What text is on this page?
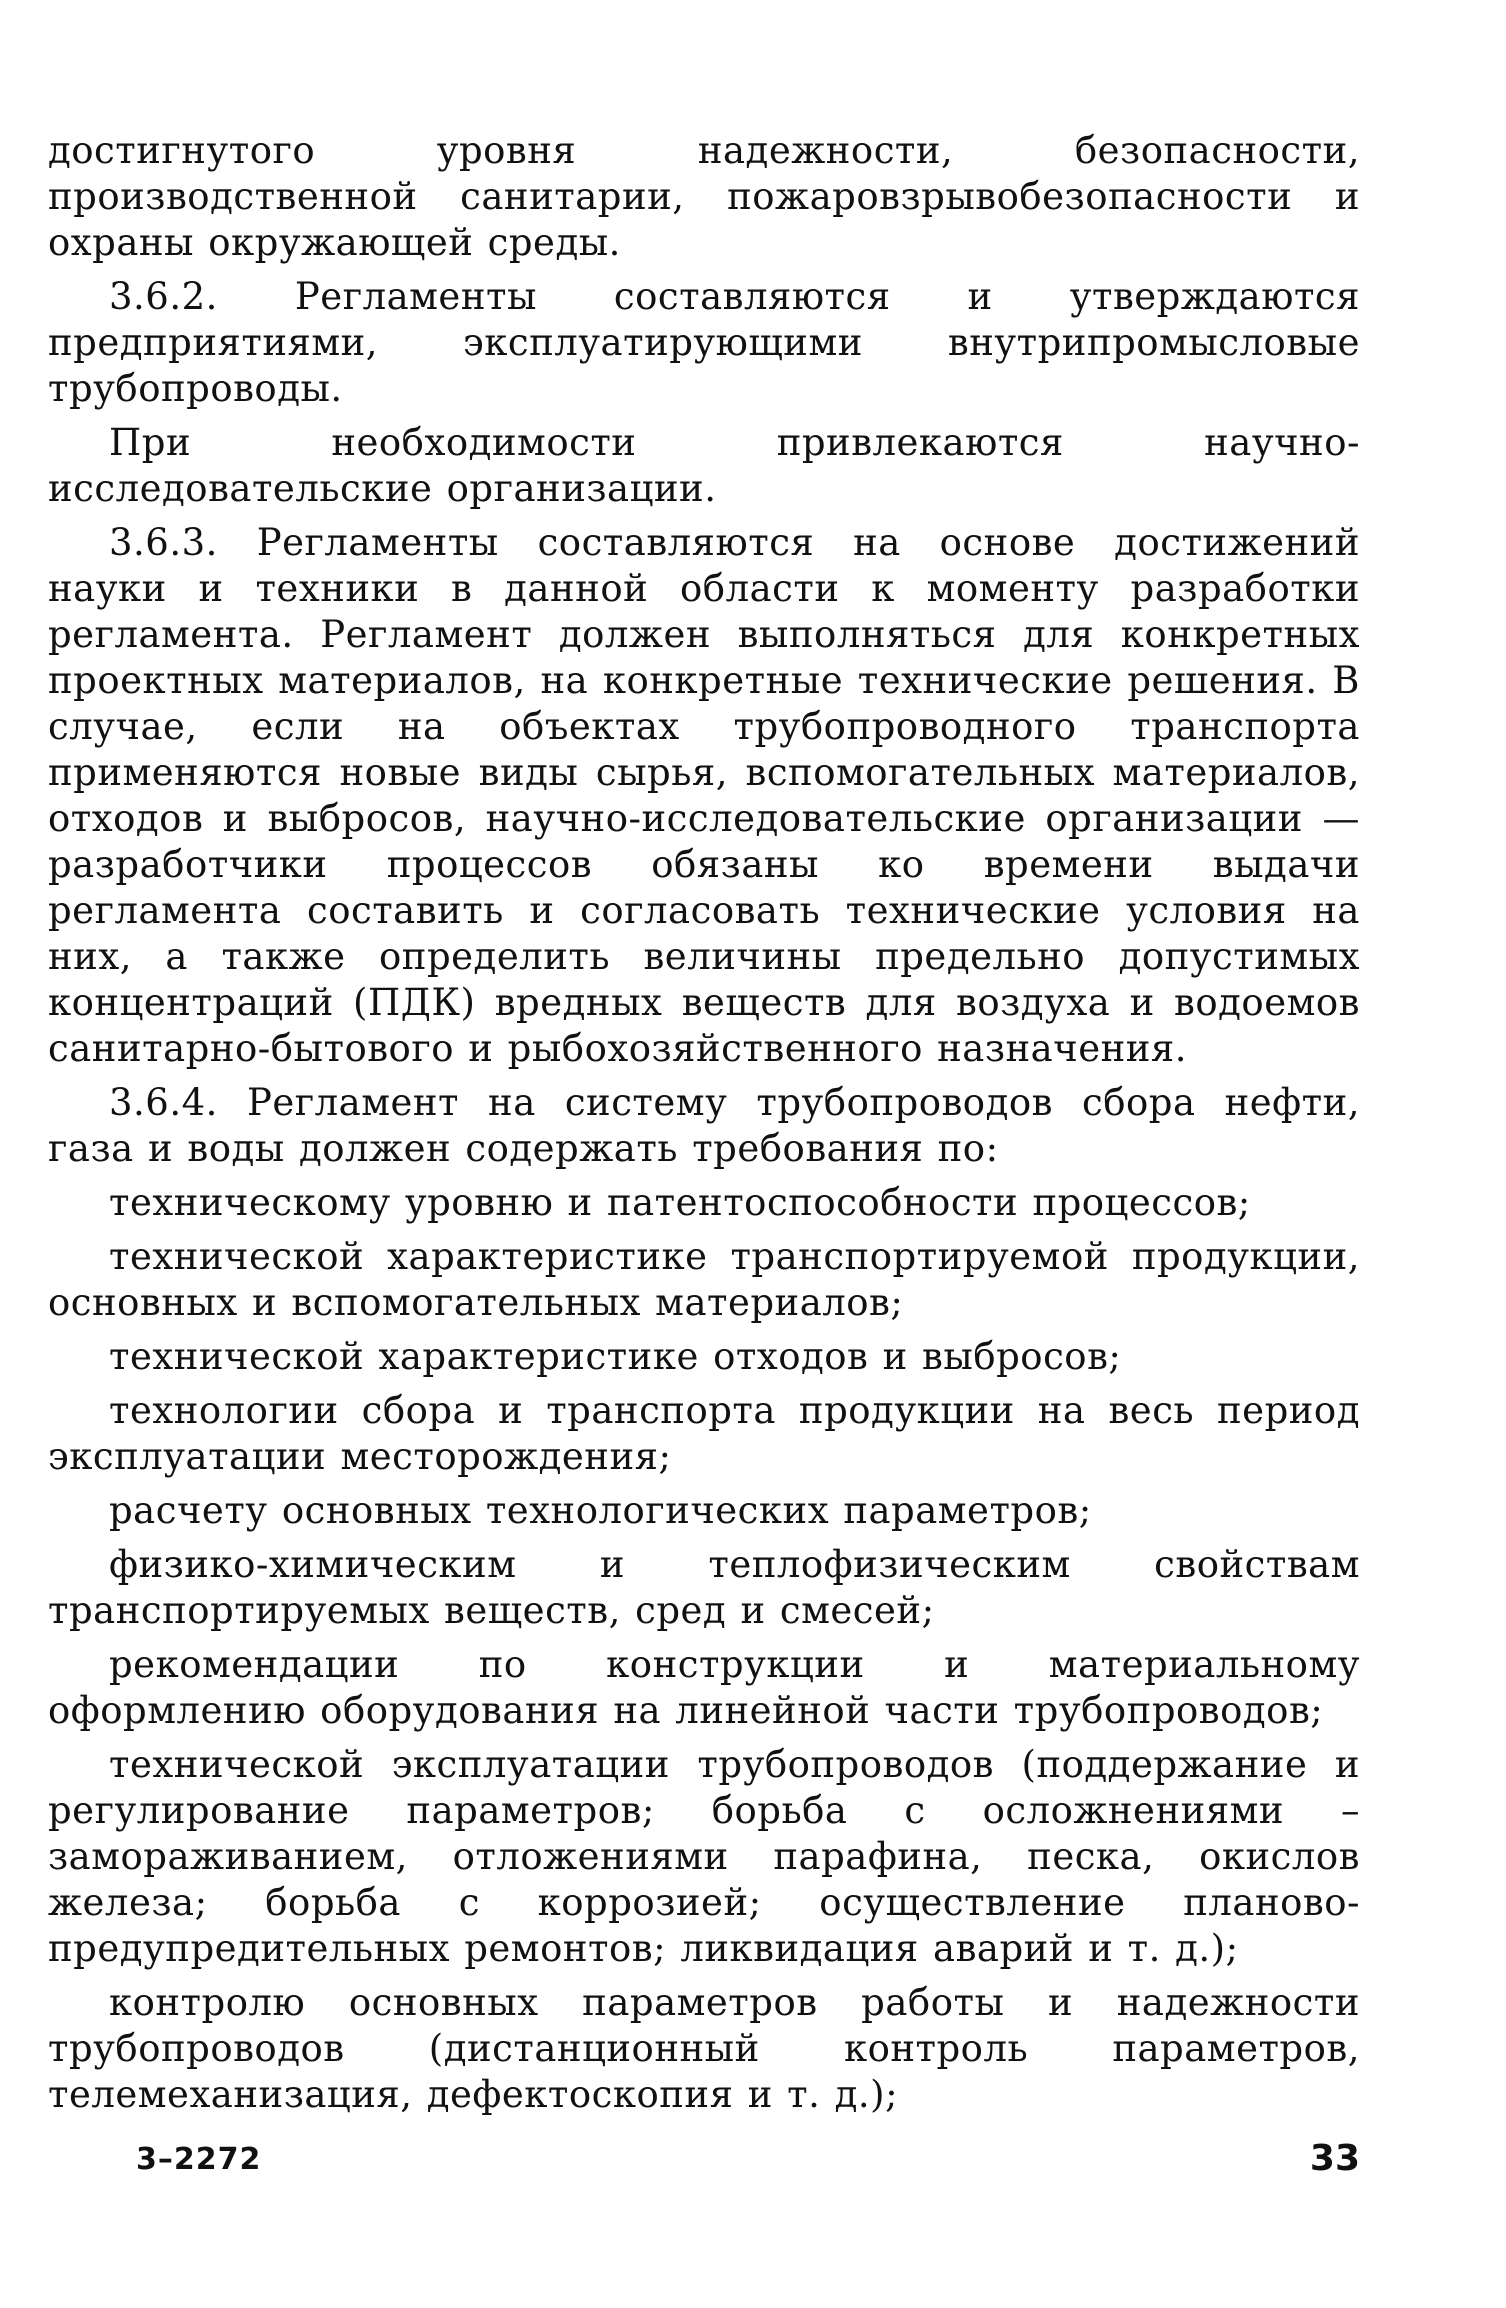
достигнутого уровня надежности, безопасности, производственной санитарии, пожаровзрывобезопасности и охраны окружающей среды.

3.6.2. Регламенты составляются и утверждаются предприятиями, эксплуатирующими внутрипромысловые трубопроводы.

При необходимости привлекаются научно-исследовательские организации.

3.6.3. Регламенты составляются на основе достижений науки и техники в данной области к моменту разработки регламента. Регламент должен выполняться для конкретных проектных материалов, на конкретные технические решения. В случае, если на объектах трубопроводного транспорта применяются новые виды сырья, вспомогательных материалов, отходов и выбросов, научно-исследовательские организации — разработчики процессов обязаны ко времени выдачи регламента составить и согласовать технические условия на них, а также определить величины предельно допустимых концентраций (ПДК) вредных веществ для воздуха и водоемов санитарно-бытового и рыбохозяйственного назначения.

3.6.4. Регламент на систему трубопроводов сбора нефти, газа и воды должен содержать требования по:

техническому уровню и патентоспособности процессов;

технической характеристике транспортируемой продукции, основных и вспомогательных материалов;

технической характеристике отходов и выбросов;

технологии сбора и транспорта продукции на весь период эксплуатации месторождения;

расчету основных технологических параметров;

физико-химическим и теплофизическим свойствам транспортируемых веществ, сред и смесей;

рекомендации по конструкции и материальному оформлению оборудования на линейной части трубопроводов;

технической эксплуатации трубопроводов (поддержание и регулирование параметров; борьба с осложнениями – замораживанием, отложениями парафина, песка, окислов железа; борьба с коррозией; осуществление планово-предупредительных ремонтов; ликвидация аварий и т. д.);

контролю основных параметров работы и надежности трубопроводов (дистанционный контроль параметров, телемеханизация, дефектоскопия и т. д.);

3–2272	33
